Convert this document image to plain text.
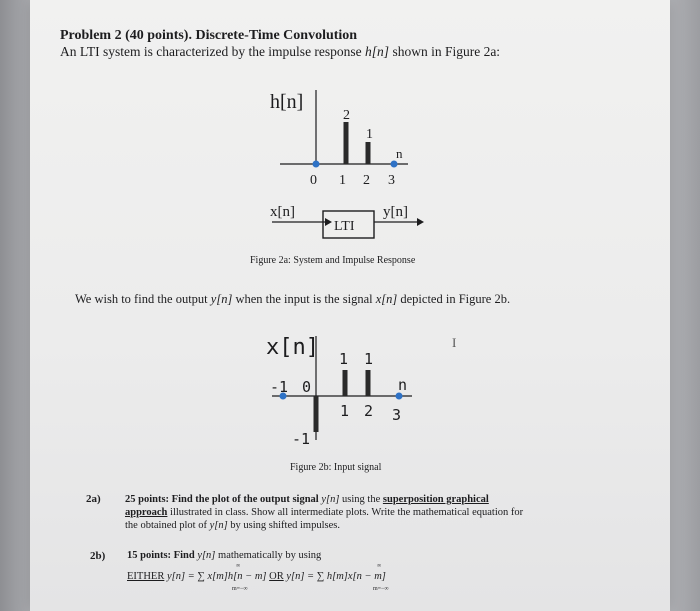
Problem 2 (40 points). Discrete-Time Convolution
An LTI system is characterized by the impulse response h[n] shown in Figure 2a:
h[n]
2
1
n
0 1 2 3
x[n]
LTI
y[n]
Figure 2a: System and Impulse Response
We wish to find the output y[n] when the input is the signal x[n] depicted in Figure 2b.
x[n] 1 1
-1
n
-1 0
1 2 3
I
Figure 2b: Input signal
2a) 25 points: Find the plot of the output signal y[n] using the superposition graphical approach illustrated in class. Show all intermediate plots. Write the mathematical equation for the obtained plot of y[n] by using shifted impulses.
2b) 15 points: Find y[n] mathematically by using
EITHER y[n] = ∑ x[m]h[n − m] OR y[n] = ∑ h[m]x[n − m]
m=−∞	m=−∞
∞	∞
